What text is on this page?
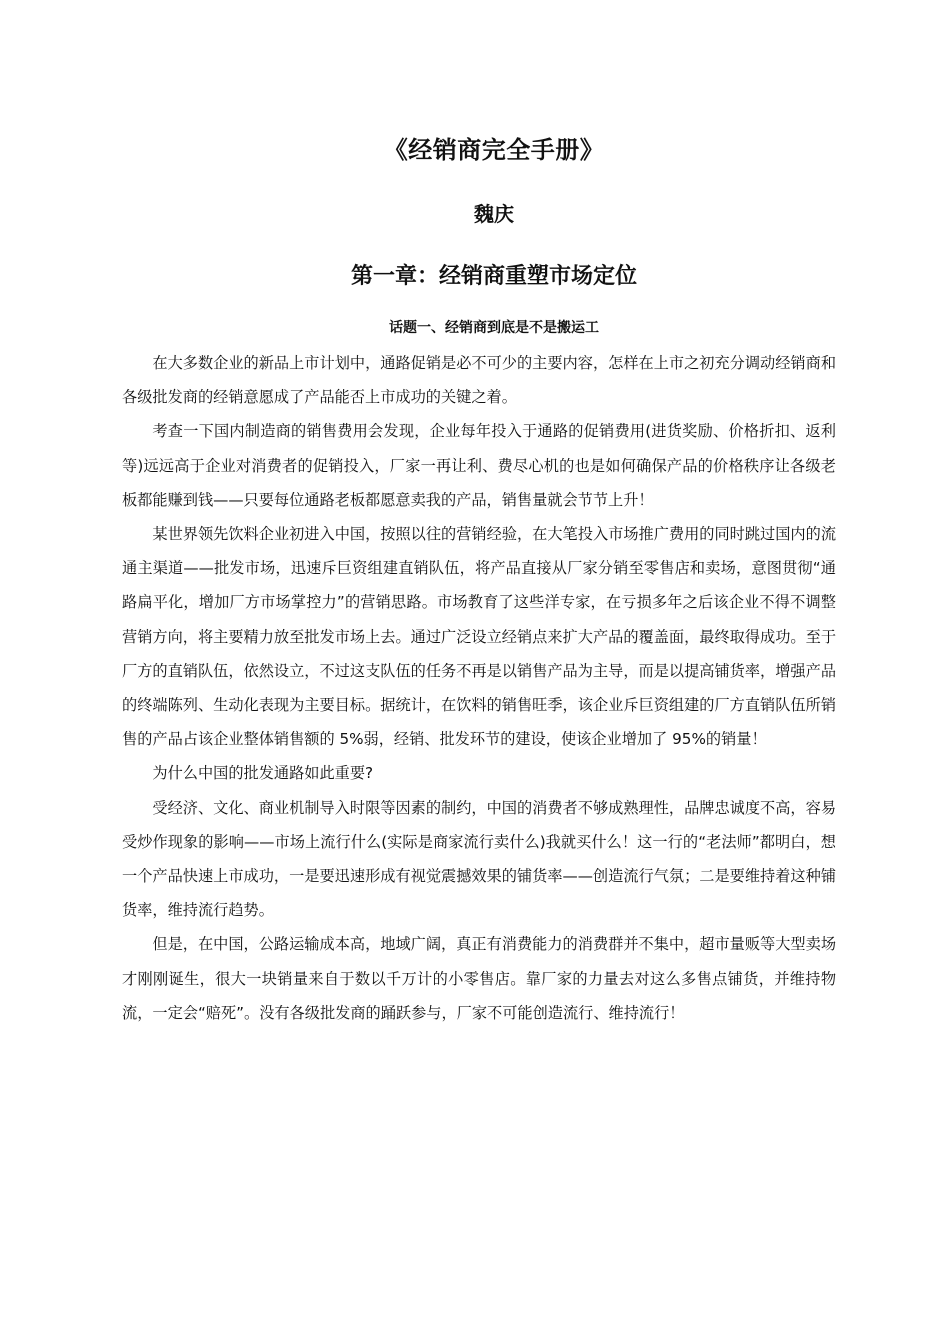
《经销商完全手册》
魏庆
第一章：经销商重塑市场定位
话题一、经销商到底是不是搬运工

在大多数企业的新品上市计划中，通路促销是必不可少的主要内容，怎样在上市之初充分调动经销商和各级批发商的经销意愿成了产品能否上市成功的关键之着。

考查一下国内制造商的销售费用会发现，企业每年投入于通路的促销费用(进货奖励、价格折扣、返利等)远远高于企业对消费者的促销投入，厂家一再让利、费尽心机的也是如何确保产品的价格秩序让各级老板都能赚到钱——只要每位通路老板都愿意卖我的产品，销售量就会节节上升！

某世界领先饮料企业初进入中国，按照以往的营销经验，在大笔投入市场推广费用的同时跳过国内的流通主渠道——批发市场，迅速斥巨资组建直销队伍，将产品直接从厂家分销至零售店和卖场，意图贯彻“通路扁平化，增加厂方市场掌控力”的营销思路。市场教育了这些洋专家，在亏损多年之后该企业不得不调整营销方向，将主要精力放至批发市场上去。通过广泛设立经销点来扩大产品的覆盖面，最终取得成功。至于厂方的直销队伍，依然设立，不过这支队伍的任务不再是以销售产品为主导，而是以提高铺货率，增强产品的终端陈列、生动化表现为主要目标。据统计，在饮料的销售旺季，该企业斥巨资组建的厂方直销队伍所销售的产品占该企业整体销售额的 5%弱，经销、批发环节的建设，使该企业增加了 95%的销量！

为什么中国的批发通路如此重要?

受经济、文化、商业机制导入时限等因素的制约，中国的消费者不够成熟理性，品牌忠诚度不高，容易受炒作现象的影响——市场上流行什么(实际是商家流行卖什么)我就买什么！这一行的“老法师”都明白，想一个产品快速上市成功，一是要迅速形成有视觉震撼效果的铺货率——创造流行气氛；二是要维持着这种铺货率，维持流行趋势。

但是，在中国，公路运输成本高，地域广阔，真正有消费能力的消费群并不集中，超市量贩等大型卖场才刚刚诞生，很大一块销量来自于数以千万计的小零售店。靠厂家的力量去对这么多售点铺货，并维持物流，一定会“赔死”。没有各级批发商的踊跃参与，厂家不可能创造流行、维持流行！
